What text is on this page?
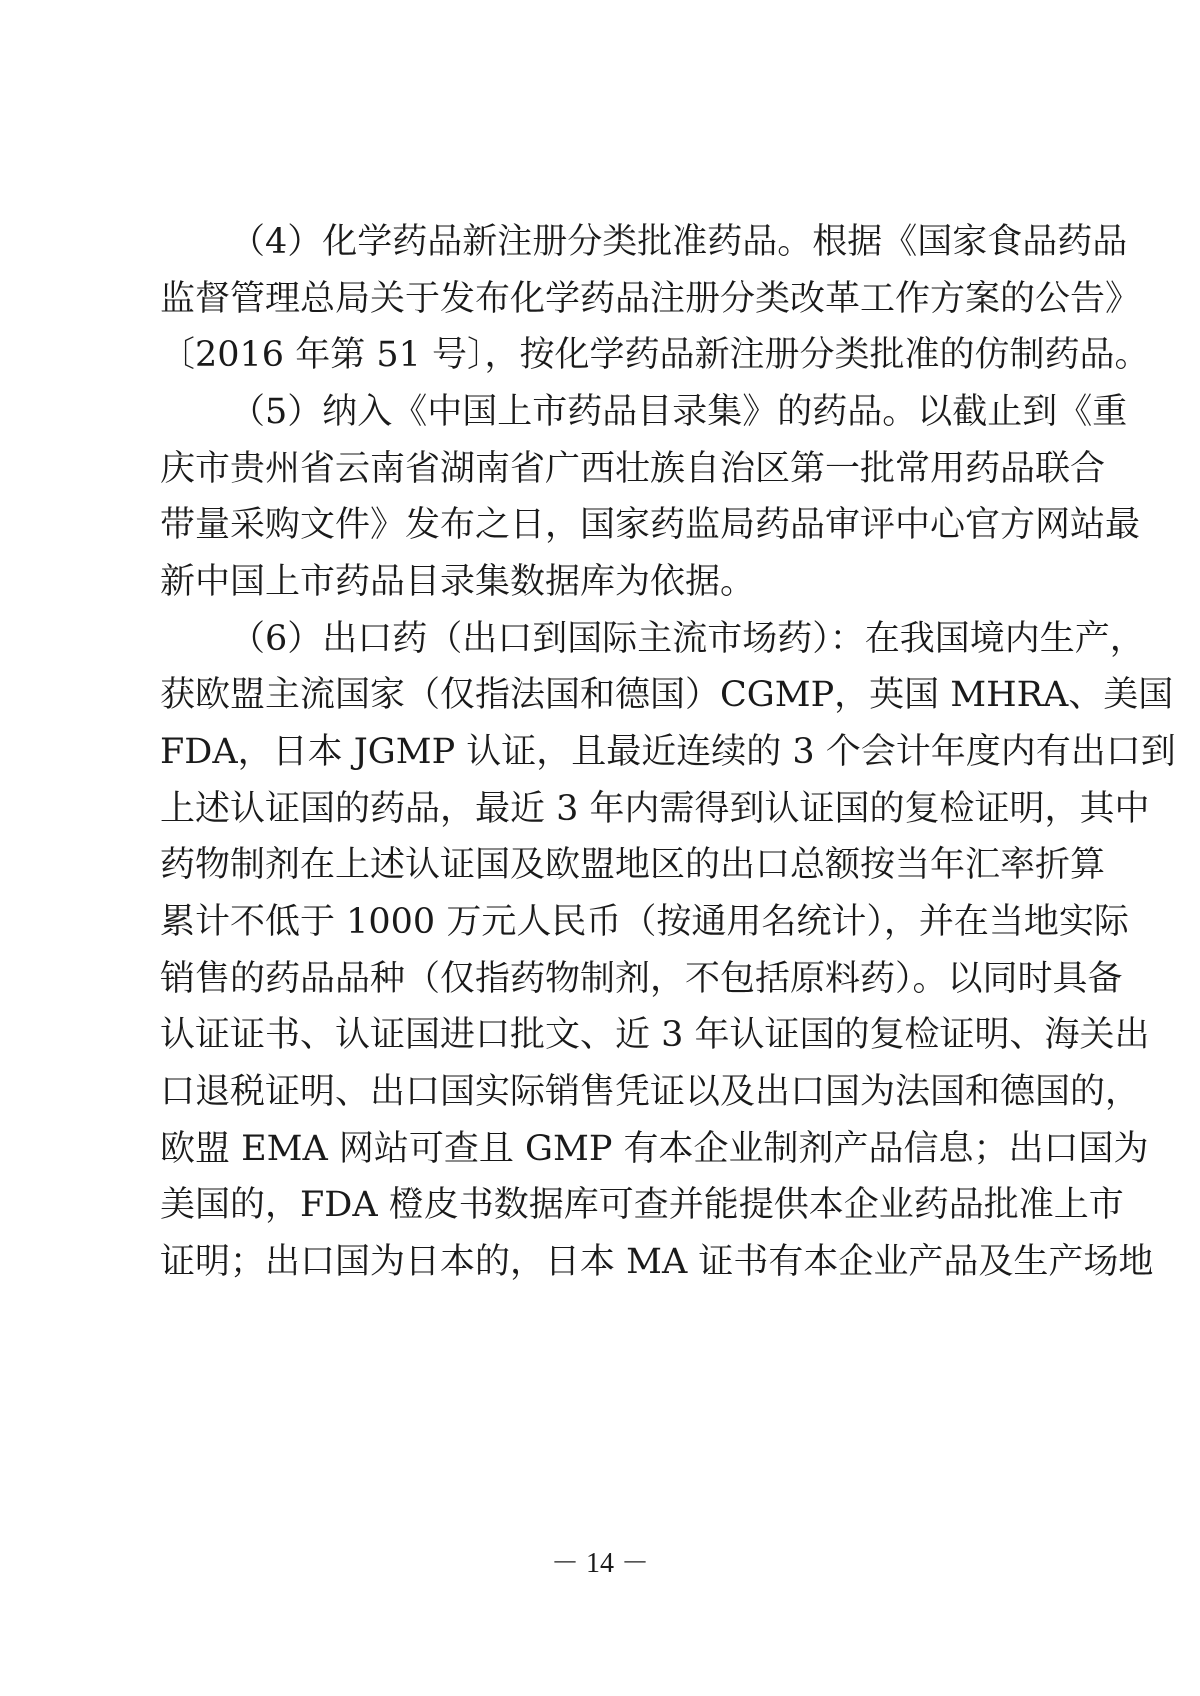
（4）化学药品新注册分类批准药品。根据《国家食品药品
监督管理总局关于发布化学药品注册分类改革工作方案的公告》
〔2016 年第 51 号〕，按化学药品新注册分类批准的仿制药品。
（5）纳入《中国上市药品目录集》的药品。以截止到《重
庆市贵州省云南省湖南省广西壮族自治区第一批常用药品联合
带量采购文件》发布之日，国家药监局药品审评中心官方网站最
新中国上市药品目录集数据库为依据。
（6）出口药（出口到国际主流市场药）：在我国境内生产，
获欧盟主流国家（仅指法国和德国）CGMP，英国 MHRA、美国
FDA，日本 JGMP 认证，且最近连续的 3 个会计年度内有出口到
上述认证国的药品，最近 3 年内需得到认证国的复检证明，其中
药物制剂在上述认证国及欧盟地区的出口总额按当年汇率折算
累计不低于 1000 万元人民币（按通用名统计），并在当地实际
销售的药品品种（仅指药物制剂，不包括原料药）。以同时具备
认证证书、认证国进口批文、近 3 年认证国的复检证明、海关出
口退税证明、出口国实际销售凭证以及出口国为法国和德国的，
欧盟 EMA 网站可查且 GMP 有本企业制剂产品信息；出口国为
美国的，FDA 橙皮书数据库可查并能提供本企业药品批准上市
证明；出口国为日本的，日本 MA 证书有本企业产品及生产场地
－ 14 －
